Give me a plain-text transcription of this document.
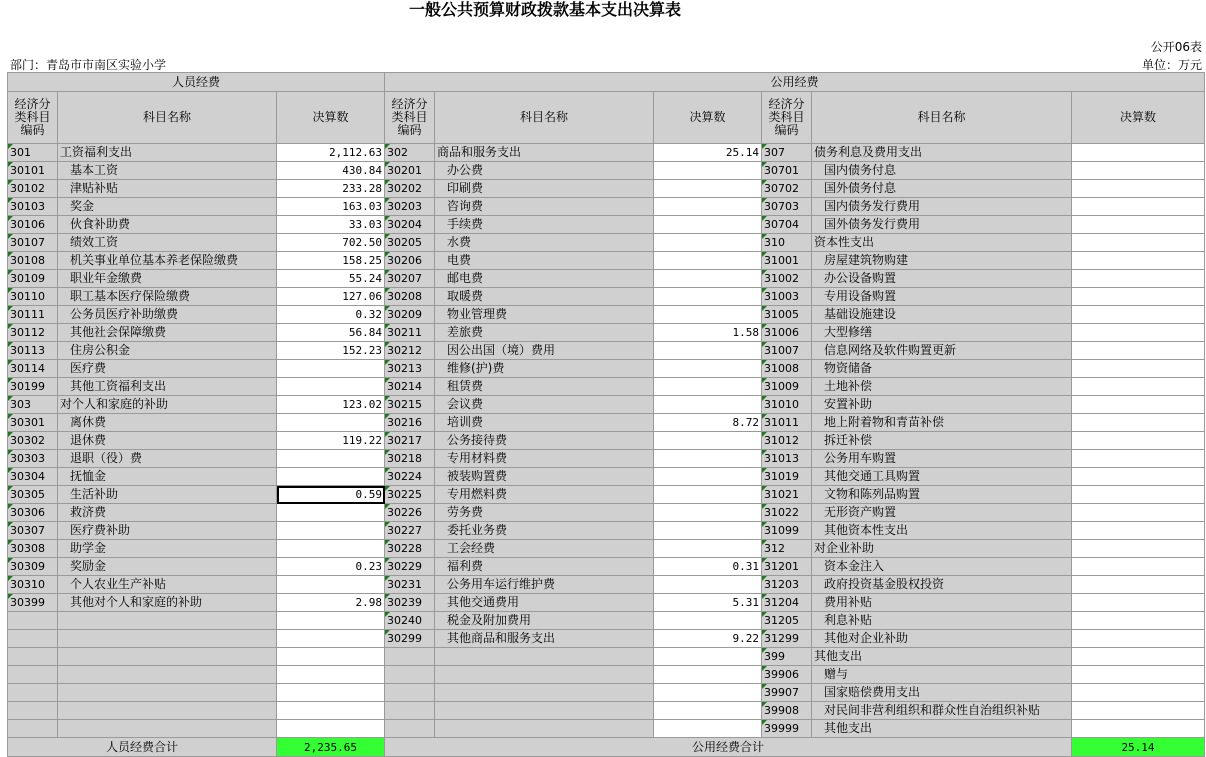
一般公共预算财政拨款基本支出决算表
公开06表
部门：青岛市市南区实验小学	单位：万元
人员经费			公用经费					
经济分类科目编码	科目名称	决算数	经济分类科目编码	科目名称	决算数	经济分类科目编码	科目名称	决算数
301	工资福利支出	2,112.63	302	商品和服务支出	25.14	307	债务利息及费用支出	
30101	基本工资	430.84	30201	办公费		30701	国内债务付息	
30102	津贴补贴	233.28	30202	印刷费		30702	国外债务付息	
30103	奖金	163.03	30203	咨询费		30703	国内债务发行费用	
30106	伙食补助费	33.03	30204	手续费		30704	国外债务发行费用	
30107	绩效工资	702.50	30205	水费		310	资本性支出	
30108	机关事业单位基本养老保险缴费	158.25	30206	电费		31001	房屋建筑物购建	
30109	职业年金缴费	55.24	30207	邮电费		31002	办公设备购置	
30110	职工基本医疗保险缴费	127.06	30208	取暖费		31003	专用设备购置	
30111	公务员医疗补助缴费	0.32	30209	物业管理费		31005	基础设施建设	
30112	其他社会保障缴费	56.84	30211	差旅费	1.58	31006	大型修缮	
30113	住房公积金	152.23	30212	因公出国（境）费用		31007	信息网络及软件购置更新	
30114	医疗费		30213	维修(护)费		31008	物资储备	
30199	其他工资福利支出		30214	租赁费		31009	土地补偿	
303	对个人和家庭的补助	123.02	30215	会议费		31010	安置补助	
30301	离休费		30216	培训费	8.72	31011	地上附着物和青苗补偿	
30302	退休费	119.22	30217	公务接待费		31012	拆迁补偿	
30303	退职（役）费		30218	专用材料费		31013	公务用车购置	
30304	抚恤金		30224	被装购置费		31019	其他交通工具购置	
30305	生活补助	0.59	30225	专用燃料费		31021	文物和陈列品购置	
30306	救济费		30226	劳务费		31022	无形资产购置	
30307	医疗费补助		30227	委托业务费		31099	其他资本性支出	
30308	助学金		30228	工会经费		312	对企业补助	
30309	奖励金	0.23	30229	福利费	0.31	31201	资本金注入	
30310	个人农业生产补贴		30231	公务用车运行维护费		31203	政府投资基金股权投资	
30399	其他对个人和家庭的补助	2.98	30239	其他交通费用	5.31	31204	费用补贴	
			30240	税金及附加费用		31205	利息补贴	
			30299	其他商品和服务支出	9.22	31299	其他对企业补助	
						399	其他支出	
						39906	赠与	
						39907	国家赔偿费用支出	
						39908	对民间非营利组织和群众性自治组织补贴	
						39999	其他支出	
人员经费合计		2,235.65	公用经费合计					25.14
